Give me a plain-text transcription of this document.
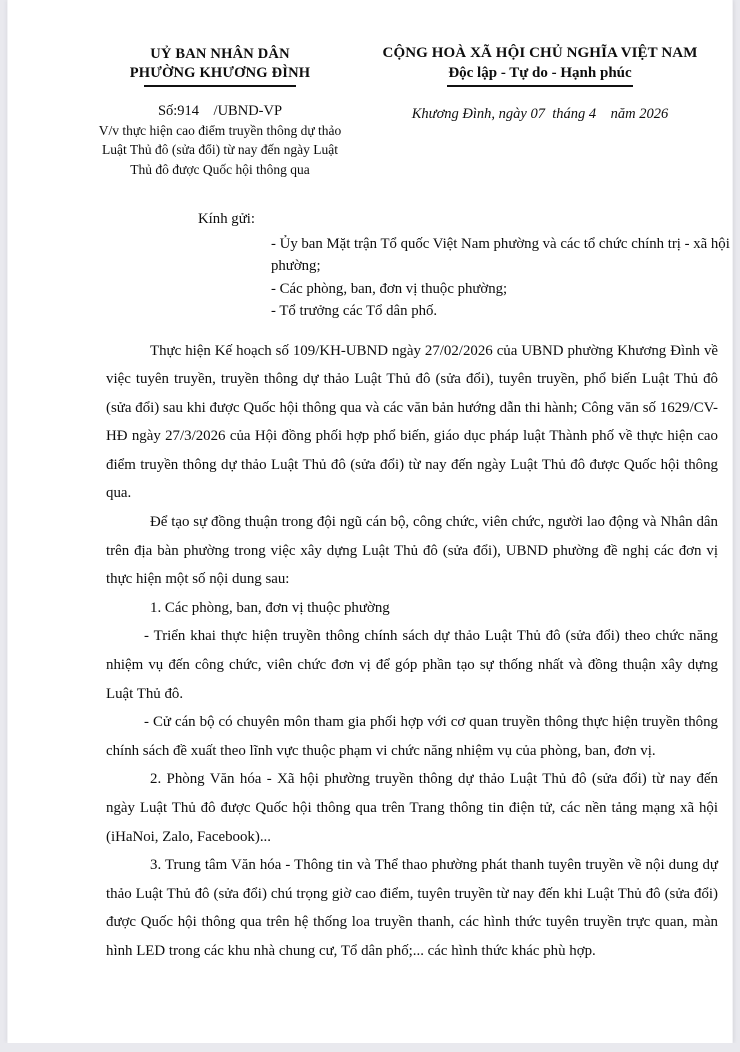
UỶ BAN NHÂN DÂN
PHƯỜNG KHƯƠNG ĐÌNH
Số:914    /UBND-VP
V/v thực hiện cao điểm truyền thông dự thảo
Luật Thủ đô (sửa đổi) từ nay đến ngày Luật
Thủ đô được Quốc hội thông qua
CỘNG HOÀ XÃ HỘI CHỦ NGHĨA VIỆT NAM
Độc lập - Tự do - Hạnh phúc
Khương Đình, ngày 07  tháng 4    năm 2026
Kính gửi:
- Ủy ban Mặt trận Tổ quốc Việt Nam phường và các tổ chức chính trị - xã hội phường;
- Các phòng, ban, đơn vị thuộc phường;
- Tổ trưởng các Tổ dân phố.

Thực hiện Kế hoạch số 109/KH-UBND ngày 27/02/2026 của UBND phường Khương Đình về việc tuyên truyền, truyền thông dự thảo Luật Thủ đô (sửa đổi), tuyên truyền, phổ biến Luật Thủ đô (sửa đổi) sau khi được Quốc hội thông qua và các văn bản hướng dẫn thi hành; Công văn số 1629/CV-HĐ ngày 27/3/2026 của Hội đồng phối hợp phổ biến, giáo dục pháp luật Thành phố về thực hiện cao điểm truyền thông dự thảo Luật Thủ đô (sửa đổi) từ nay đến ngày Luật Thủ đô được Quốc hội thông qua.

Để tạo sự đồng thuận trong đội ngũ cán bộ, công chức, viên chức, người lao động và Nhân dân trên địa bàn phường trong việc xây dựng Luật Thủ đô (sửa đổi), UBND phường đề nghị các đơn vị thực hiện một số nội dung sau:

1. Các phòng, ban, đơn vị thuộc phường

- Triển khai thực hiện truyền thông chính sách dự thảo Luật Thủ đô (sửa đổi) theo chức năng nhiệm vụ đến công chức, viên chức đơn vị để góp phần tạo sự thống nhất và đồng thuận xây dựng Luật Thủ đô.

- Cử cán bộ có chuyên môn tham gia phối hợp với cơ quan truyền thông thực hiện truyền thông chính sách đề xuất theo lĩnh vực thuộc phạm vi chức năng nhiệm vụ của phòng, ban, đơn vị.

2. Phòng Văn hóa - Xã hội phường truyền thông dự thảo Luật Thủ đô (sửa đổi) từ nay đến ngày Luật Thủ đô được Quốc hội thông qua trên Trang thông tin điện tử, các nền tảng mạng xã hội (iHaNoi, Zalo, Facebook)...

3. Trung tâm Văn hóa - Thông tin và Thể thao phường phát thanh tuyên truyền về nội dung dự thảo Luật Thủ đô (sửa đổi) chú trọng giờ cao điểm, tuyên truyền từ nay đến khi Luật Thủ đô (sửa đổi) được Quốc hội thông qua trên hệ thống loa truyền thanh, các hình thức tuyên truyền trực quan, màn hình LED trong các khu nhà chung cư, Tổ dân phố;... các hình thức khác phù hợp.
